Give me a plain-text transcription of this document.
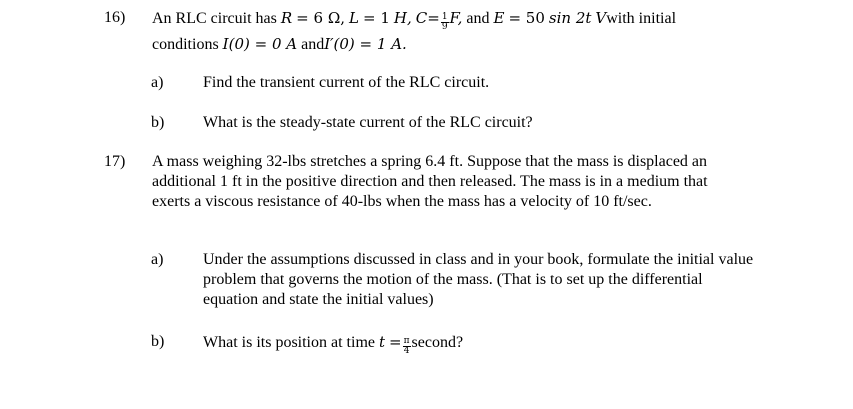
16) An RLC circuit has R = 6 Ω, L = 1 H, $C= \frac{1}{9} F$, and E = 50 sin 2t Vwith initial
conditions I(0) = 0 A andI′(0) = 1 A.
a) Find the transient current of the RLC circuit.
b) What is the steady-state current of the RLC circuit?
17) A mass weighing 32-lbs stretches a spring 6.4 ft. Suppose that the mass is displaced an additional 1 ft in the positive direction and then released. The mass is in a medium that exerts a viscous resistance of 40-lbs when the mass has a velocity of 10 ft/sec.
a) Under the assumptions discussed in class and in your book, formulate the initial value problem that governs the motion of the mass. (That is to set up the differential equation and state the initial values)
b) What is its position at time $t = \frac{\pi}{4}$ second?
